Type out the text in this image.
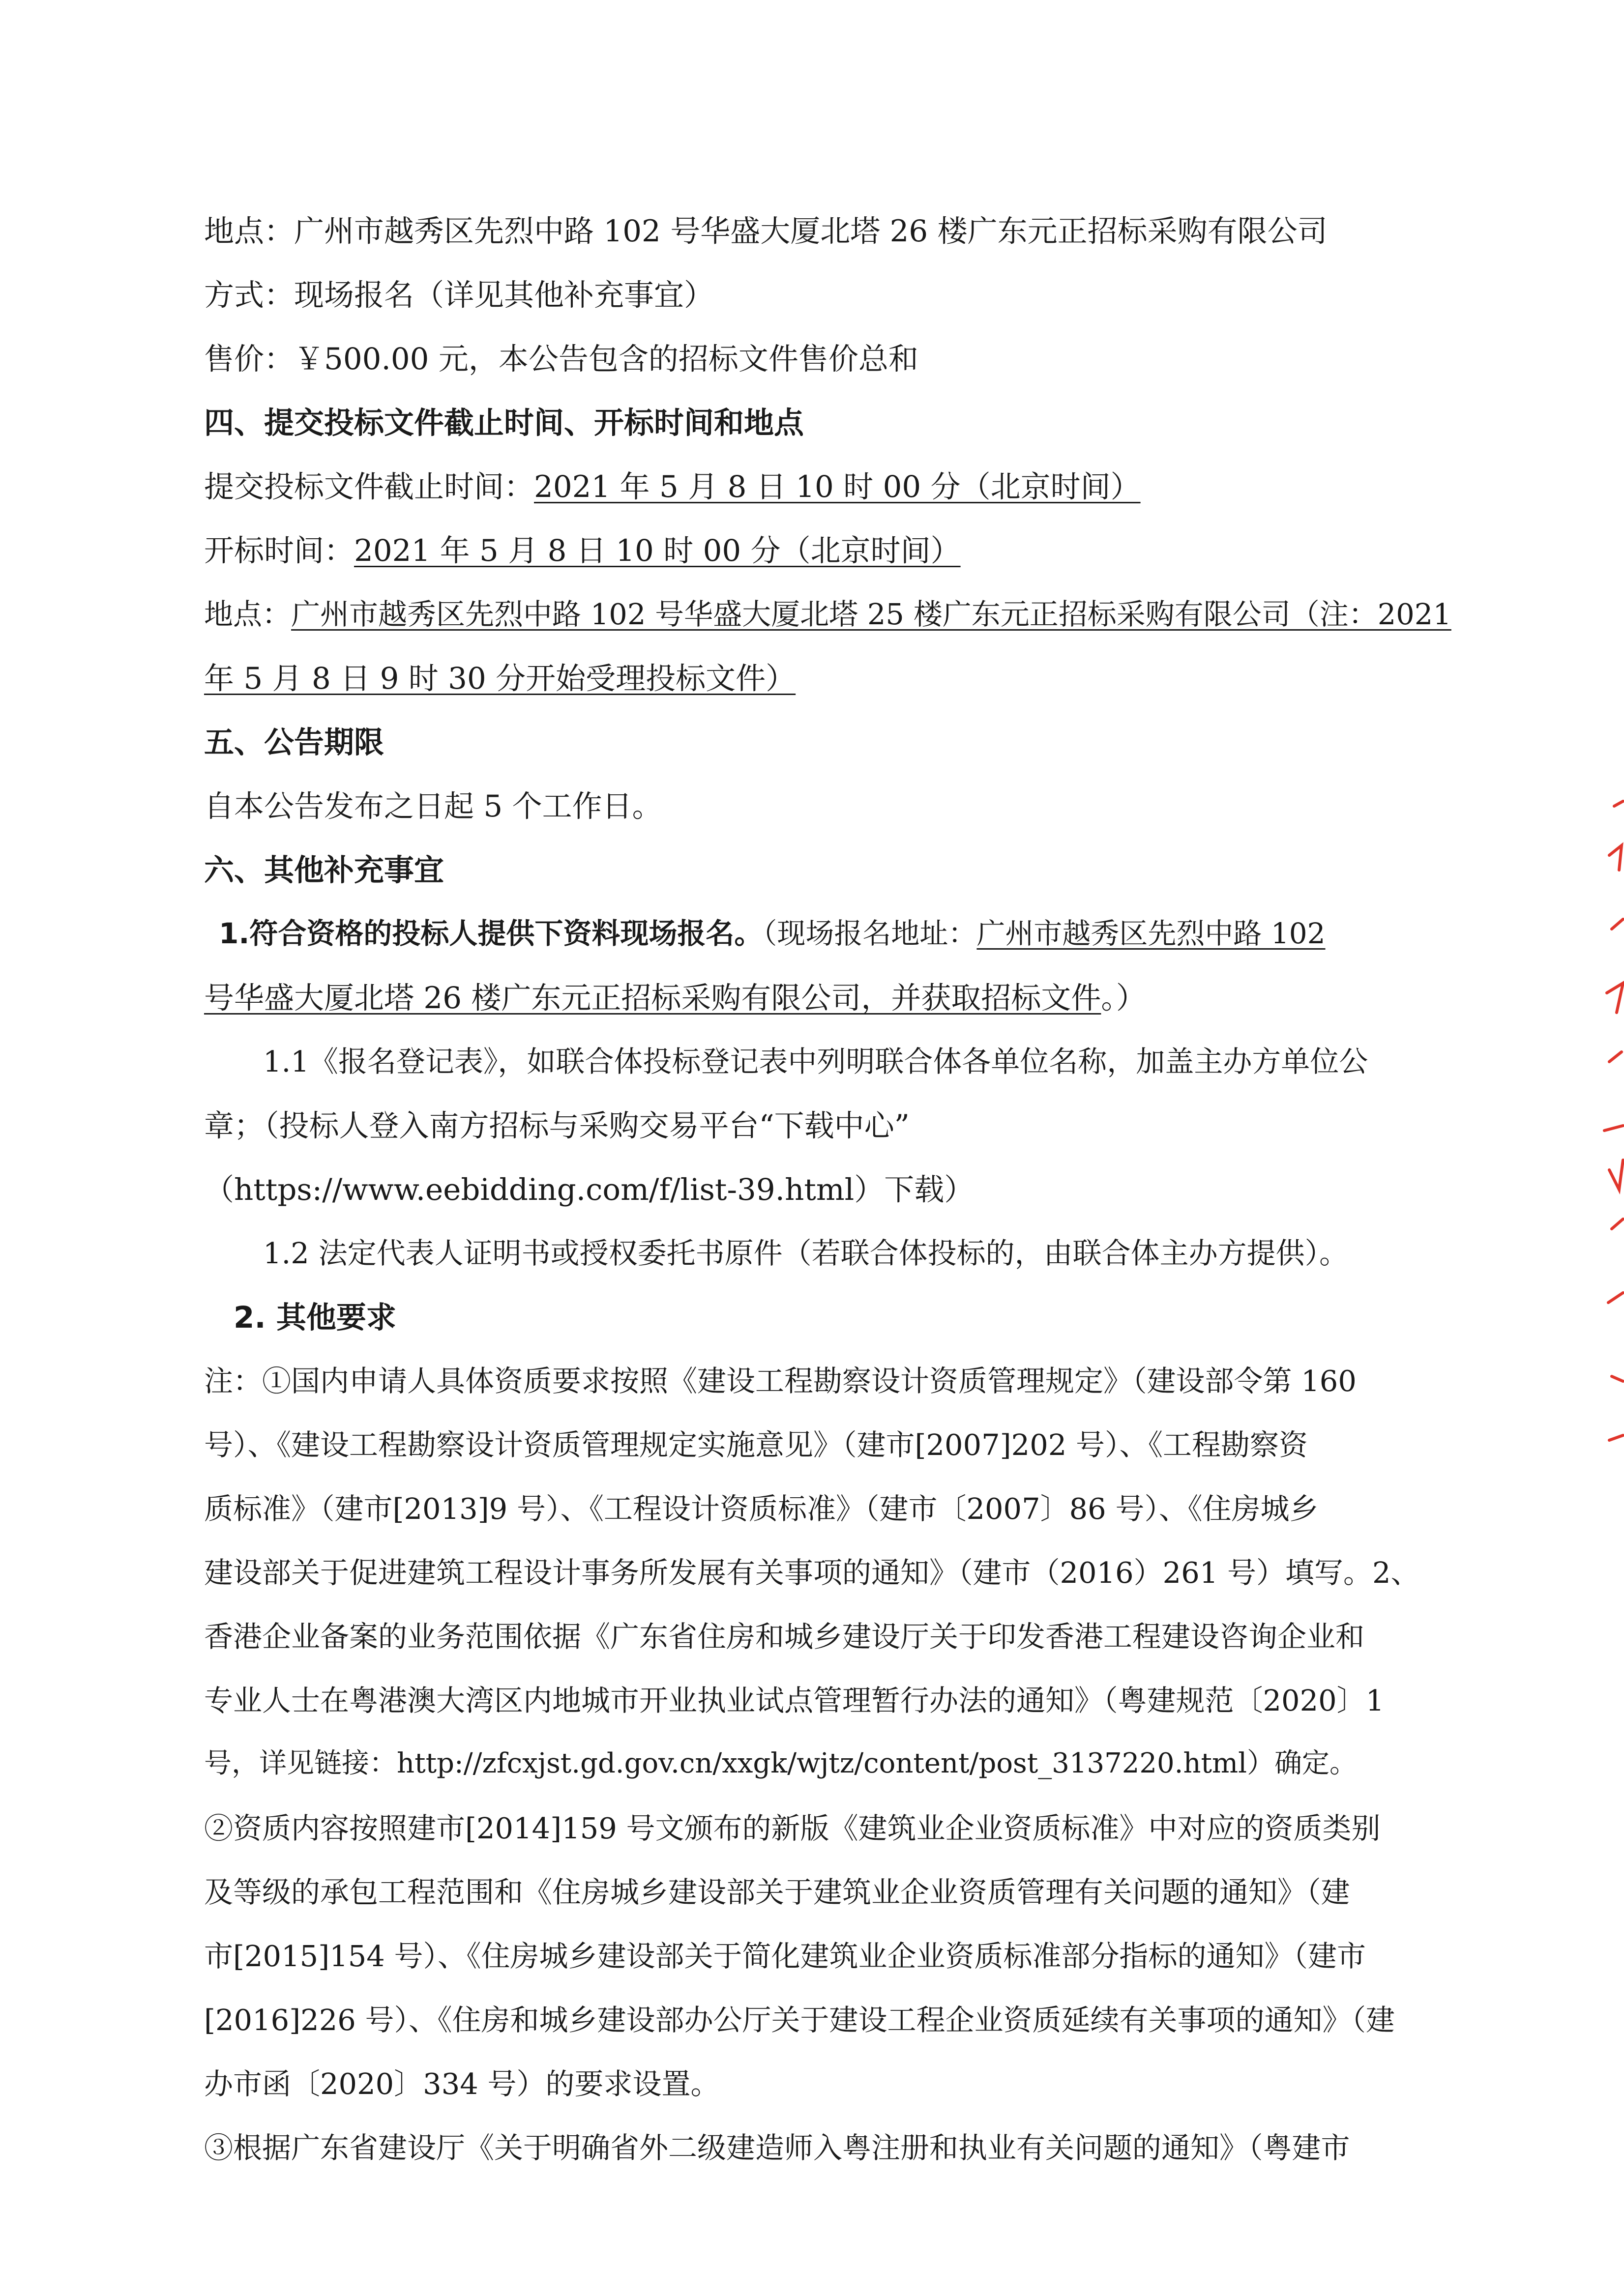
地点：广州市越秀区先烈中路 102 号华盛大厦北塔 26 楼广东元正招标采购有限公司
方式：现场报名（详见其他补充事宜）
售价：￥500.00 元，本公告包含的招标文件售价总和
四、提交投标文件截止时间、开标时间和地点
提交投标文件截止时间：2021 年 5 月 8 日 10 时 00 分（北京时间）
开标时间：2021 年 5 月 8 日 10 时 00 分（北京时间）
地点：广州市越秀区先烈中路 102 号华盛大厦北塔 25 楼广东元正招标采购有限公司（注：2021
年 5 月 8 日 9 时 30 分开始受理投标文件）
五、公告期限
自本公告发布之日起 5 个工作日。
六、其他补充事宜
1.符合资格的投标人提供下资料现场报名。（现场报名地址：广州市越秀区先烈中路 102
号华盛大厦北塔 26 楼广东元正招标采购有限公司，并获取招标文件。）
1.1《报名登记表》，如联合体投标登记表中列明联合体各单位名称，加盖主办方单位公
章；（投标人登入南方招标与采购交易平台“下载中心”
（https://www.eebidding.com/f/list-39.html）下载）
1.2 法定代表人证明书或授权委托书原件（若联合体投标的，由联合体主办方提供）。
2. 其他要求
注：①国内申请人具体资质要求按照《建设工程勘察设计资质管理规定》（建设部令第 160
号）、《建设工程勘察设计资质管理规定实施意见》（建市[2007]202 号）、《工程勘察资
质标准》（建市[2013]9 号）、《工程设计资质标准》（建市〔2007〕86 号）、《住房城乡
建设部关于促进建筑工程设计事务所发展有关事项的通知》（建市（2016）261 号）填写。2、
香港企业备案的业务范围依据《广东省住房和城乡建设厅关于印发香港工程建设咨询企业和
专业人士在粤港澳大湾区内地城市开业执业试点管理暂行办法的通知》（粤建规范〔2020〕1
号，详见链接：http://zfcxjst.gd.gov.cn/xxgk/wjtz/content/post_3137220.html）确定。
②资质内容按照建市[2014]159 号文颁布的新版《建筑业企业资质标准》中对应的资质类别
及等级的承包工程范围和《住房城乡建设部关于建筑业企业资质管理有关问题的通知》（建
市[2015]154 号）、《住房城乡建设部关于简化建筑业企业资质标准部分指标的通知》（建市
[2016]226 号）、《住房和城乡建设部办公厅关于建设工程企业资质延续有关事项的通知》（建
办市函〔2020〕334 号）的要求设置。
③根据广东省建设厅《关于明确省外二级建造师入粤注册和执业有关问题的通知》（粤建市
